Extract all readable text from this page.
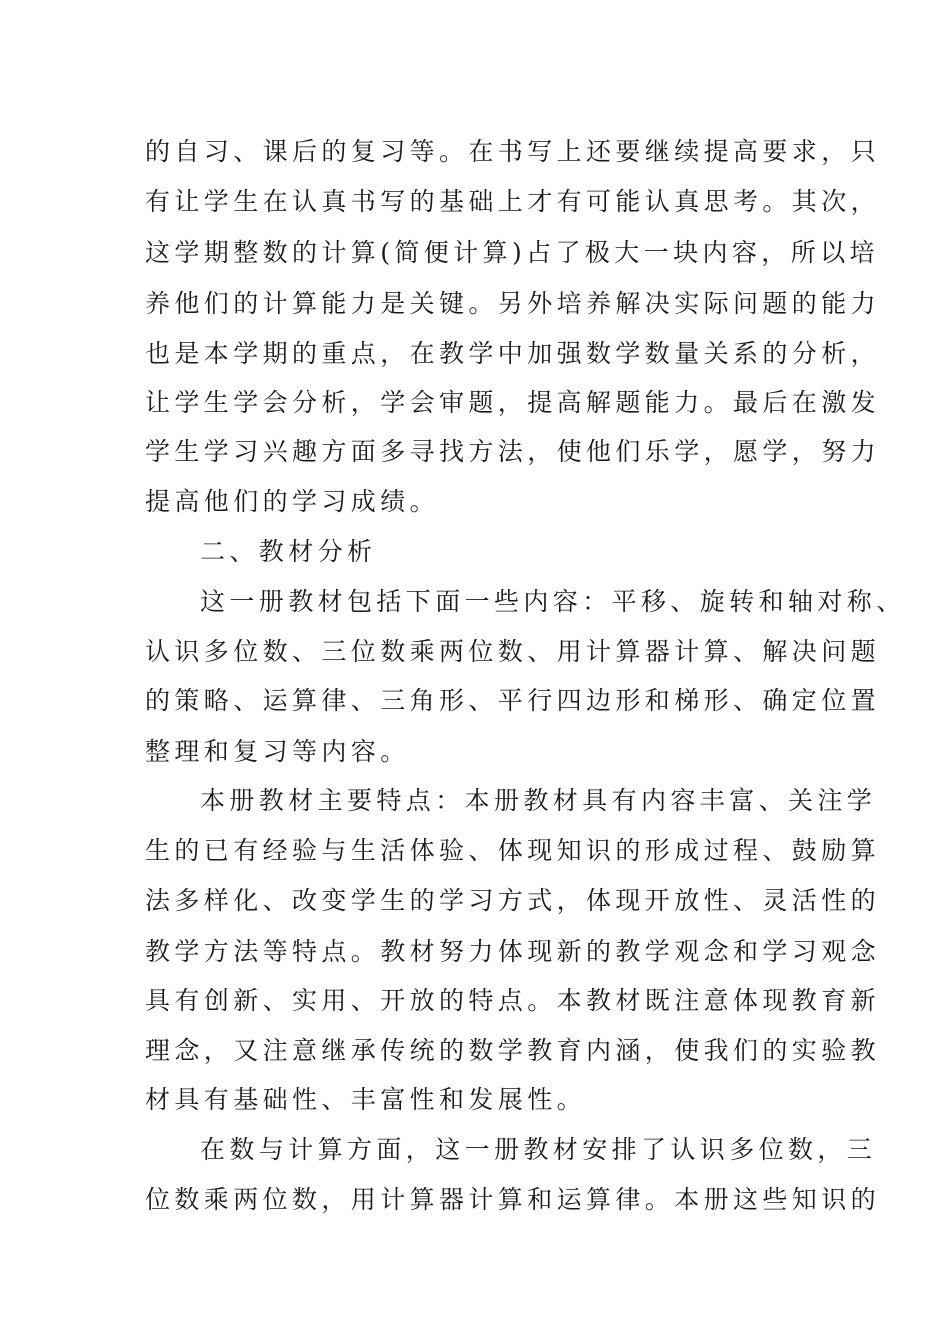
的自习、课后的复习等。在书写上还要继续提高要求，只
有让学生在认真书写的基础上才有可能认真思考。其次，
这学期整数的计算(简便计算)占了极大一块内容，所以培
养他们的计算能力是关键。另外培养解决实际问题的能力
也是本学期的重点，在教学中加强数学数量关系的分析，
让学生学会分析，学会审题，提高解题能力。最后在激发
学生学习兴趣方面多寻找方法，使他们乐学，愿学，努力
提高他们的学习成绩。
二、教材分析
这一册教材包括下面一些内容：平移、旋转和轴对称、
认识多位数、三位数乘两位数、用计算器计算、解决问题
的策略、运算律、三角形、平行四边形和梯形、确定位置
整理和复习等内容。
本册教材主要特点：本册教材具有内容丰富、关注学
生的已有经验与生活体验、体现知识的形成过程、鼓励算
法多样化、改变学生的学习方式，体现开放性、灵活性的
教学方法等特点。教材努力体现新的教学观念和学习观念
具有创新、实用、开放的特点。本教材既注意体现教育新
理念，又注意继承传统的数学教育内涵，使我们的实验教
材具有基础性、丰富性和发展性。
在数与计算方面，这一册教材安排了认识多位数，三
位数乘两位数，用计算器计算和运算律。本册这些知识的
